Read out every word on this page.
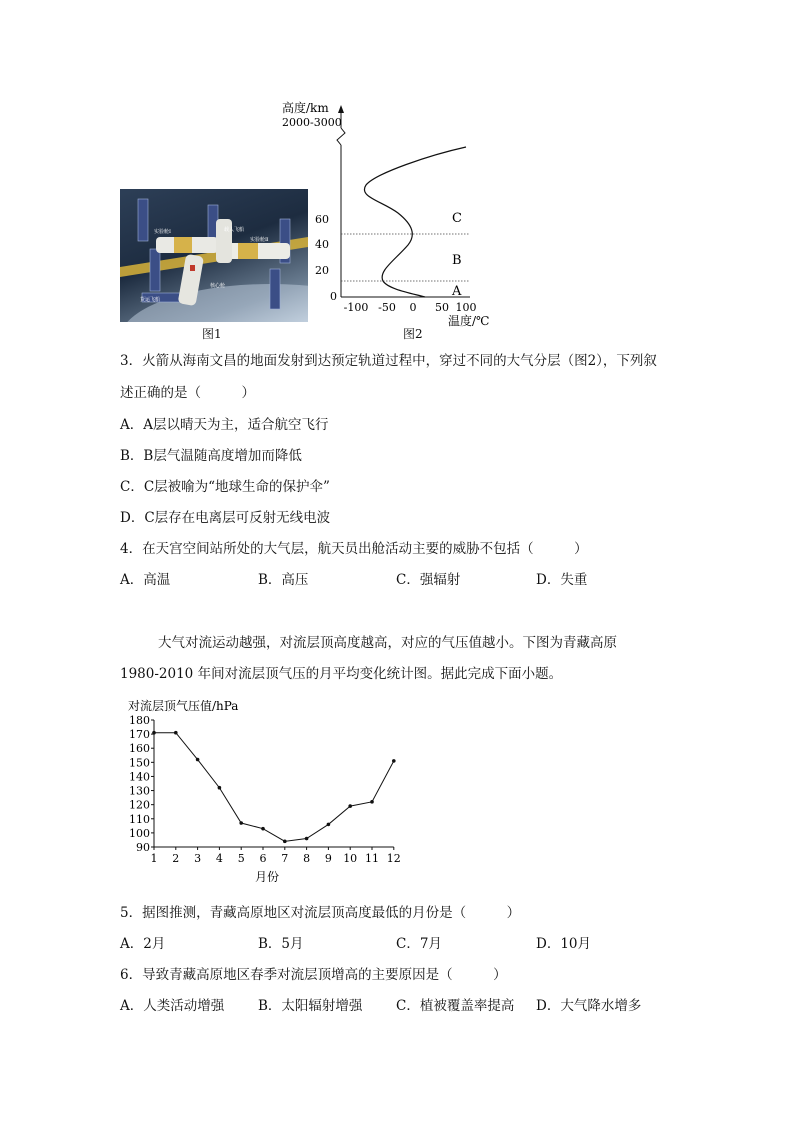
载人飞船
实验舱Ⅰ
实验舱Ⅱ
核心舱
货运飞船
图1
高度/km
2000-3000
60
40
20
0
C
B
A
-100 -50 0 50 100
温度/℃
图2
3．火箭从海南文昌的地面发射到达预定轨道过程中，穿过不同的大气分层（图2），下列叙
述正确的是（　　　）
A．A层以晴天为主，适合航空飞行
B．B层气温随高度增加而降低
C．C层被喻为“地球生命的保护伞”
D．C层存在电离层可反射无线电波
4．在天宫空间站所处的大气层，航天员出舱活动主要的威胁不包括（　　　）
A．高温	B．高压	C．强辐射	D．失重
大气对流运动越强，对流层顶高度越高，对应的气压值越小。下图为青藏高原
1980-2010 年间对流层顶气压的月平均变化统计图。据此完成下面小题。
对流层顶气压值/hPa
180
170
160
150
140
130
120
110
100
90
1 2 3 4 5 6 7 8 9 10 11 12
月份
5．据图推测，青藏高原地区对流层顶高度最低的月份是（　　　）
A．2月	B．5月	C．7月	D．10月
6．导致青藏高原地区春季对流层顶增高的主要原因是（　　　）
A．人类活动增强	B．太阳辐射增强 C．植被覆盖率提高 D．大气降水增多
